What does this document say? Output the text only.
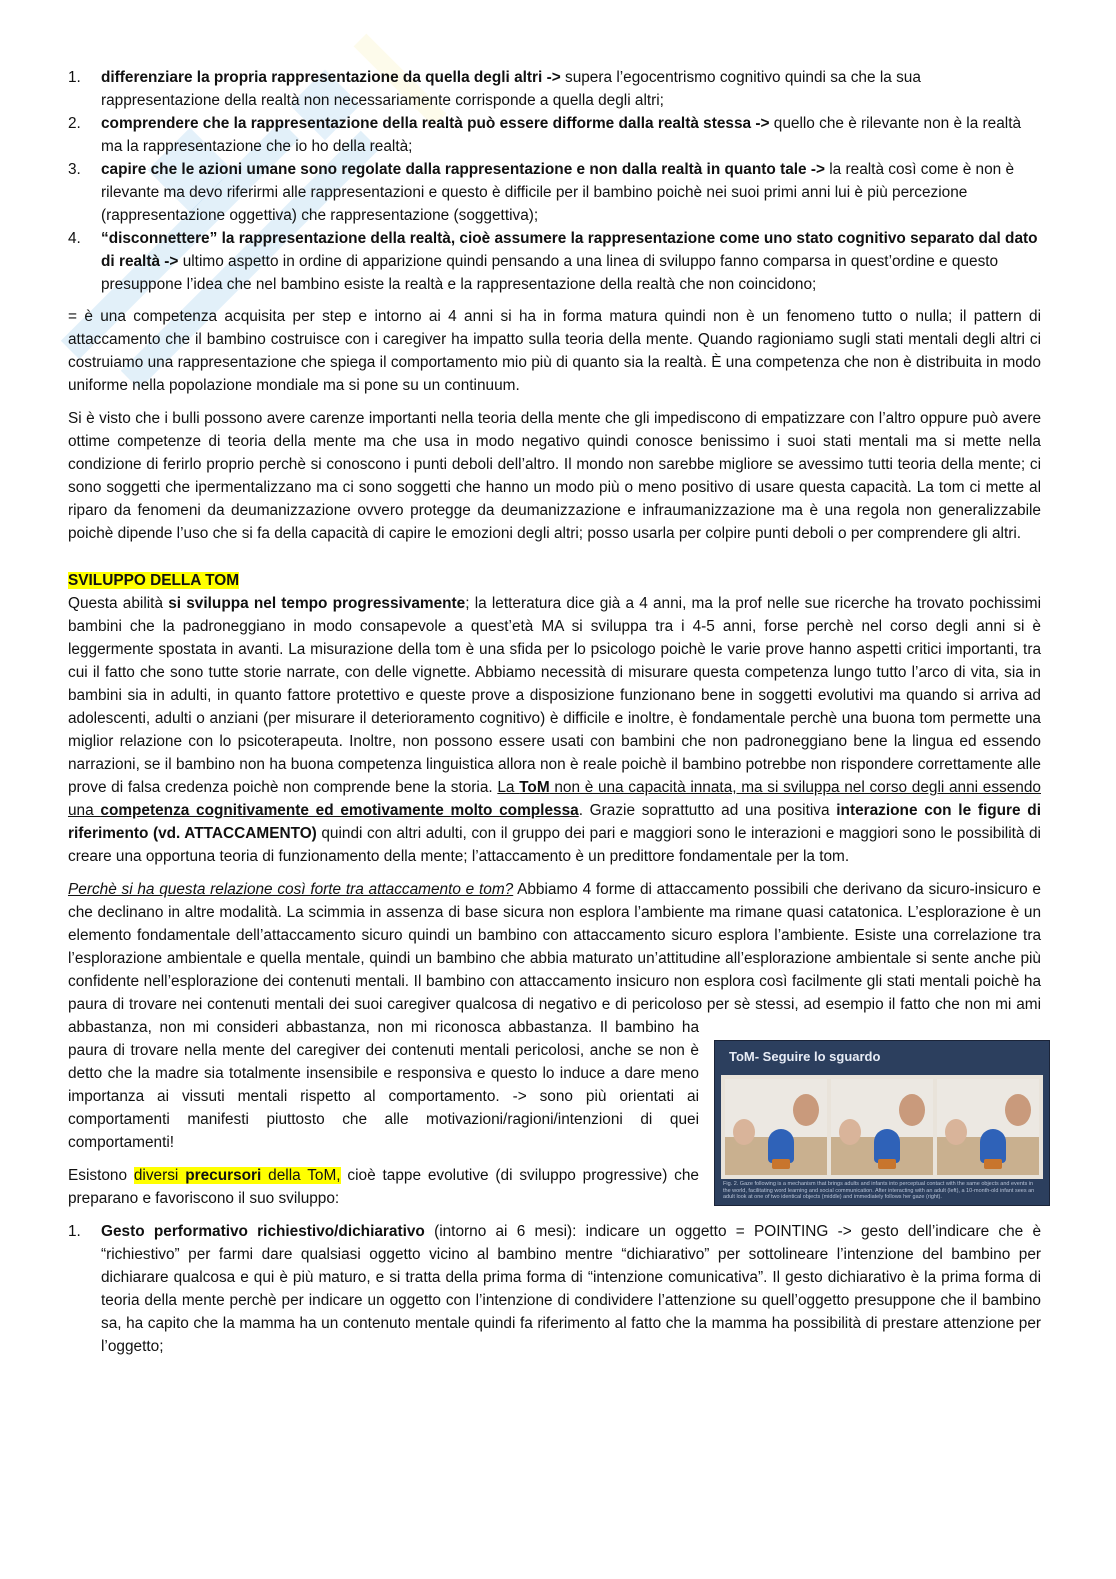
1. differenziare la propria rappresentazione da quella degli altri -> supera l’egocentrismo cognitivo quindi sa che la sua rappresentazione della realtà non necessariamente corrisponde a quella degli altri;
2. comprendere che la rappresentazione della realtà può essere difforme dalla realtà stessa -> quello che è rilevante non è la realtà ma la rappresentazione che io ho della realtà;
3. capire che le azioni umane sono regolate dalla rappresentazione e non dalla realtà in quanto tale -> la realtà così come è non è rilevante ma devo riferirmi alle rappresentazioni e questo è difficile per il bambino poichè nei suoi primi anni lui è più percezione (rappresentazione oggettiva) che rappresentazione (soggettiva);
4. “disconnettere” la rappresentazione della realtà, cioè assumere la rappresentazione come uno stato cognitivo separato dal dato di realtà -> ultimo aspetto in ordine di apparizione quindi pensando a una linea di sviluppo fanno comparsa in quest’ordine e questo presuppone l’idea che nel bambino esiste la realtà e la rappresentazione della realtà che non coincidono;

= è una competenza acquisita per step e intorno ai 4 anni si ha in forma matura quindi non è un fenomeno tutto o nulla; il pattern di attaccamento che il bambino costruisce con i caregiver ha impatto sulla teoria della mente. Quando ragioniamo sugli stati mentali degli altri ci costruiamo una rappresentazione che spiega il comportamento mio più di quanto sia la realtà. È una competenza che non è distribuita in modo uniforme nella popolazione mondiale ma si pone su un continuum.

Si è visto che i bulli possono avere carenze importanti nella teoria della mente che gli impediscono di empatizzare con l’altro oppure può avere ottime competenze di teoria della mente ma che usa in modo negativo quindi conosce benissimo i suoi stati mentali ma si mette nella condizione di ferirlo proprio perchè si conoscono i punti deboli dell’altro. Il mondo non sarebbe migliore se avessimo tutti teoria della mente; ci sono soggetti che ipermentalizzano ma ci sono soggetti che hanno un modo più o meno positivo di usare questa capacità. La tom ci mette al riparo da fenomeni da deumanizzazione ovvero protegge da deumanizzazione e infraumanizzazione ma è una regola non generalizzabile poichè dipende l’uso che si fa della capacità di capire le emozioni degli altri; posso usarla per colpire punti deboli o per comprendere gli altri.

SVILUPPO DELLA TOM

Questa abilità si sviluppa nel tempo progressivamente; la letteratura dice già a 4 anni, ma la prof nelle sue ricerche ha trovato pochissimi bambini che la padroneggiano in modo consapevole a quest’età MA si sviluppa tra i 4-5 anni, forse perchè nel corso degli anni si è leggermente spostata in avanti. La misurazione della tom è una sfida per lo psicologo poichè le varie prove hanno aspetti critici importanti, tra cui il fatto che sono tutte storie narrate, con delle vignette. Abbiamo necessità di misurare questa competenza lungo tutto l’arco di vita, sia in bambini sia in adulti, in quanto fattore protettivo e queste prove a disposizione funzionano bene in soggetti evolutivi ma quando si arriva ad adolescenti, adulti o anziani (per misurare il deterioramento cognitivo) è difficile e inoltre, è fondamentale perchè una buona tom permette una miglior relazione con lo psicoterapeuta. Inoltre, non possono essere usati con bambini che non padroneggiano bene la lingua ed essendo narrazioni, se il bambino non ha buona competenza linguistica allora non è reale poichè il bambino potrebbe non rispondere correttamente alle prove di falsa credenza poichè non comprende bene la storia. La ToM non è una capacità innata, ma si sviluppa nel corso degli anni essendo una competenza cognitivamente ed emotivamente molto complessa. Grazie soprattutto ad una positiva interazione con le figure di riferimento (vd. ATTACCAMENTO) quindi con altri adulti, con il gruppo dei pari e maggiori sono le interazioni e maggiori sono le possibilità di creare una opportuna teoria di funzionamento della mente; l’attaccamento è un predittore fondamentale per la tom.

Perchè si ha questa relazione così forte tra attaccamento e tom? Abbiamo 4 forme di attaccamento possibili che derivano da sicuro-insicuro e che declinano in altre modalità. La scimmia in assenza di base sicura non esplora l’ambiente ma rimane quasi catatonica. L’esplorazione è un elemento fondamentale dell’attaccamento sicuro quindi un bambino con attaccamento sicuro esplora l’ambiente. Esiste una correlazione tra l’esplorazione ambientale e quella mentale, quindi un bambino che abbia maturato un’attitudine all’esplorazione ambientale si sente anche più confidente nell’esplorazione dei contenuti mentali. Il bambino con attaccamento insicuro non esplora così facilmente gli stati mentali poichè ha paura di trovare nei contenuti mentali dei suoi caregiver qualcosa di negativo e di pericoloso per sè stessi, ad esempio il fatto che non mi ami abbastanza, non mi consideri abbastanza, non mi riconosca abbastanza. Il bambino ha paura di trovare nella mente del caregiver dei contenuti mentali pericolosi, anche se non è detto che la madre sia totalmente insensibile e responsiva e questo lo induce a dare meno importanza ai vissuti mentali rispetto al comportamento. -> sono più orientati ai comportamenti manifesti piuttosto che alle motivazioni/ragioni/intenzioni di quei comportamenti!

Esistono diversi precursori della ToM, cioè tappe evolutive (di sviluppo progressive) che preparano e favoriscono il suo sviluppo:

1. Gesto performativo richiestivo/dichiarativo (intorno ai 6 mesi): indicare un oggetto = POINTING -> gesto dell’indicare che è “richiestivo” per farmi dare qualsiasi oggetto vicino al bambino mentre “dichiarativo” per sottolineare l’intenzione del bambino per dichiarare qualcosa e qui è più maturo, e si tratta della prima forma di “intenzione comunicativa”. Il gesto dichiarativo è la prima forma di teoria della mente perchè per indicare un oggetto con l’intenzione di condividere l’attenzione su quell’oggetto presuppone che il bambino sa, ha capito che la mamma ha un contenuto mentale quindi fa riferimento al fatto che la mamma ha possibilità di prestare attenzione per l’oggetto;
ToM- Seguire lo sguardo
Fig. 2. Gaze following is a mechanism that brings adults and infants into perceptual contact with the same objects and events in the world, facilitating word learning and social communication. After interacting with an adult (left), a 10-month-old infant sees an adult look at one of two identical objects (middle) and immediately follows her gaze (right).
